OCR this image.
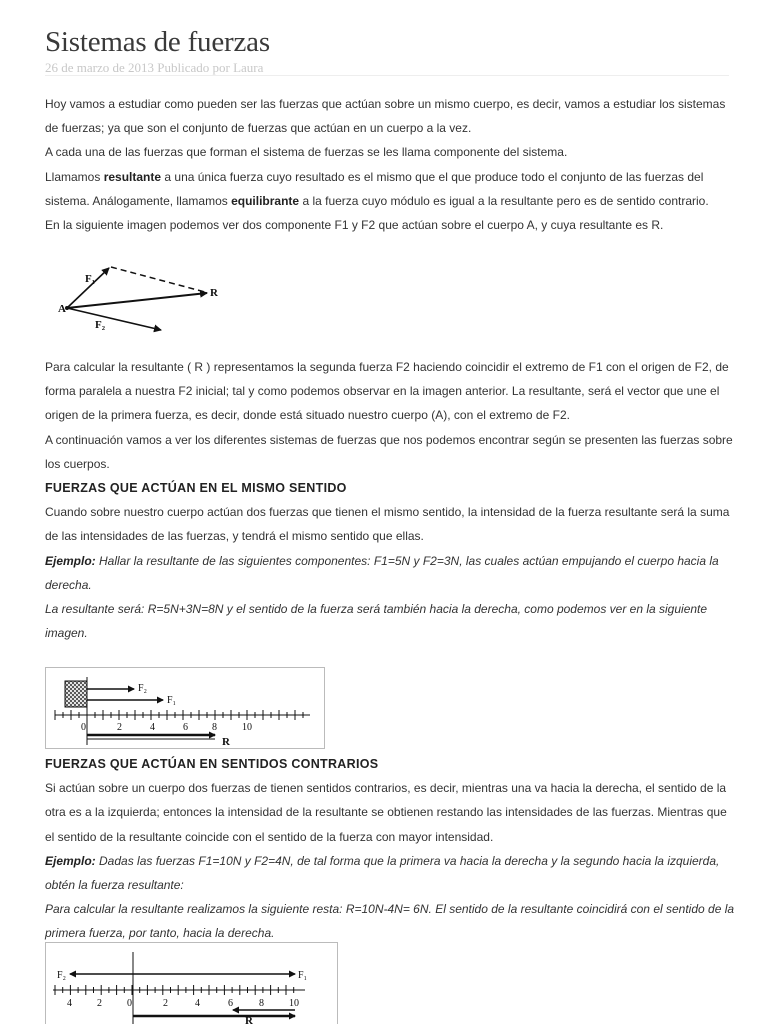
Sistemas de fuerzas
26 de marzo de 2013 Publicado por Laura

Hoy vamos a estudiar como pueden ser las fuerzas que actúan sobre un mismo cuerpo, es decir, vamos a estudiar los sistemas de fuerzas; ya que son el conjunto de fuerzas que actúan en un cuerpo a la vez.

A cada una de las fuerzas que forman el sistema de fuerzas se les llama componente del sistema.

Llamamos resultante a una única fuerza cuyo resultado es el mismo que el que produce todo el conjunto de las fuerzas del sistema. Análogamente, llamamos equilibrante a la fuerza cuyo módulo es igual a la resultante pero es de sentido contrario.

En la siguiente imagen podemos ver dos componente F1 y F2 que actúan sobre el cuerpo A, y cuya resultante es R.

F₁
R
A
F₂

Para calcular la resultante ( R ) representamos la segunda fuerza F2 haciendo coincidir el extremo de F1 con el origen de F2, de forma paralela a nuestra F2 inicial; tal y como podemos observar en la imagen anterior. La resultante, será el vector que une el origen de la primera fuerza, es decir, donde está situado nuestro cuerpo (A), con el extremo de F2.

A continuación vamos a ver los diferentes sistemas de fuerzas que nos podemos encontrar según se presenten las fuerzas sobre los cuerpos.

FUERZAS QUE ACTÚAN EN EL MISMO SENTIDO

Cuando sobre nuestro cuerpo actúan dos fuerzas que tienen el mismo sentido, la intensidad de la fuerza resultante será la suma de las intensidades de las fuerzas, y tendrá el mismo sentido que ellas.

Ejemplo: Hallar la resultante de las siguientes componentes: F1=5N y F2=3N, las cuales actúan empujando el cuerpo hacia la derecha.

La resultante será: R=5N+3N=8N y el sentido de la fuerza será también hacia la derecha, como podemos ver en la siguiente imagen.

F₂
F₁
0	2	4	6 8	10
R
FUERZAS QUE ACTÚAN EN SENTIDOS CONTRARIOS

Si actúan sobre un cuerpo dos fuerzas de tienen sentidos contrarios, es decir, mientras una va hacia la derecha, el sentido de la otra es a la izquierda; entonces la intensidad de la resultante se obtienen restando las intensidades de las fuerzas. Mientras que el sentido de la resultante coincide con el sentido de la fuerza con mayor intensidad.

Ejemplo: Dadas las fuerzas F1=10N y F2=4N, de tal forma que la primera va hacia la derecha y la segundo hacia la izquierda, obtén la fuerza resultante:

Para calcular la resultante realizamos la siguiente resta: R=10N-4N= 6N. El sentido de la resultante coincidirá con el sentido de la primera fuerza, por tanto, hacia la derecha.

F₂	F₁
4	2	0	2	4	6	8	10
R
